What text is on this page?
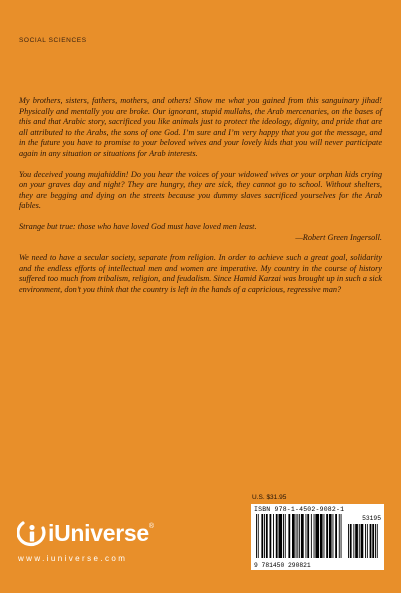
SOCIAL SCIENCES

My brothers, sisters, fathers, mothers, and others! Show me what you gained from this sanguinary jihad! Physically and mentally you are broke. Our ignorant, stupid mullahs, the Arab mercenaries, on the bases of this and that Arabic story, sacrificed you like animals just to protect the ideology, dignity, and pride that are all attributed to the Arabs, the sons of one God. I’m sure and I’m very happy that you got the message, and in the future you have to promise to your beloved wives and your lovely kids that you will never participate again in any situation or situations for Arab interests.

You deceived young mujahiddin! Do you hear the voices of your widowed wives or your orphan kids crying on your graves day and night? They are hungry, they are sick, they cannot go to school. Without shelters, they are begging and dying on the streets because you dummy slaves sacrificed yourselves for the Arab fables.

Strange but true: those who have loved God must have loved men least.

—Robert Green Ingersoll.

We need to have a secular society, separate from religion. In order to achieve such a great goal, solidarity and the endless efforts of intellectual men and women are imperative. My country in the course of history suffered too much from tribalism, religion, and feudalism. Since Hamid Karzai was brought up in such a sick environment, don’t you think that the country is left in the hands of a capricious, regressive man?

U.S. $31.95
ISBN 978-1-4502-9082-1
53195
9 781450 290821
iUniverse ®
www.iuniverse.com
